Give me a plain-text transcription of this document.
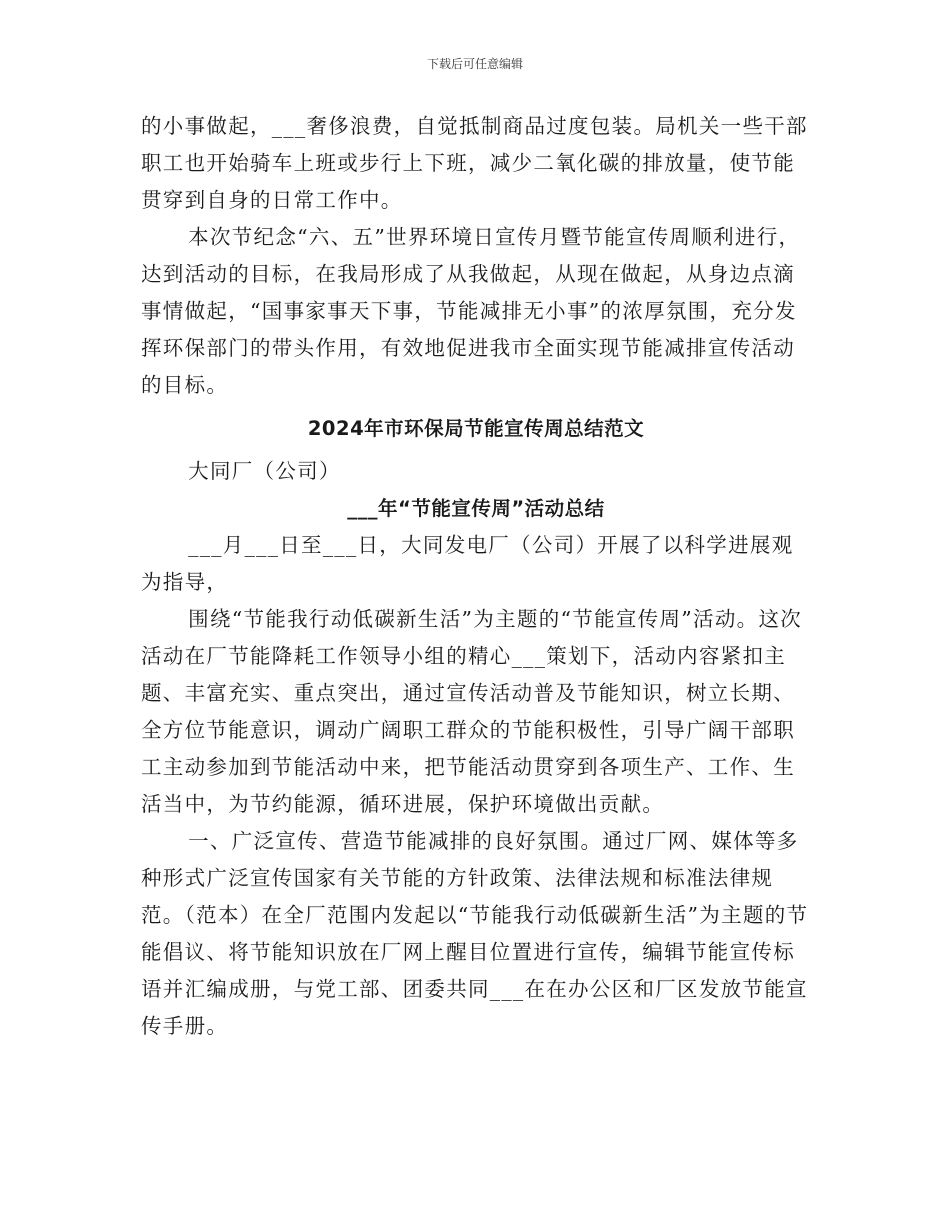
下载后可任意编辑

的小事做起，___奢侈浪费，自觉抵制商品过度包装。局机关一些干部职工也开始骑车上班或步行上下班，减少二氧化碳的排放量，使节能贯穿到自身的日常工作中。

本次节纪念“六、五”世界环境日宣传月暨节能宣传周顺利进行，达到活动的目标，在我局形成了从我做起，从现在做起，从身边点滴事情做起，“国事家事天下事，节能减排无小事”的浓厚氛围，充分发挥环保部门的带头作用，有效地促进我市全面实现节能减排宣传活动的目标。

2024年市环保局节能宣传周总结范文

大同厂（公司）

___年“节能宣传周”活动总结

___月___日至___日，大同发电厂（公司）开展了以科学进展观为指导，

围绕“节能我行动低碳新生活”为主题的“节能宣传周”活动。这次活动在厂节能降耗工作领导小组的精心___策划下，活动内容紧扣主题、丰富充实、重点突出，通过宣传活动普及节能知识，树立长期、全方位节能意识，调动广阔职工群众的节能积极性，引导广阔干部职工主动参加到节能活动中来，把节能活动贯穿到各项生产、工作、生活当中，为节约能源，循环进展，保护环境做出贡献。

一、广泛宣传、营造节能减排的良好氛围。通过厂网、媒体等多种形式广泛宣传国家有关节能的方针政策、法律法规和标准法律规范。（范本）在全厂范围内发起以“节能我行动低碳新生活”为主题的节能倡议、将节能知识放在厂网上醒目位置进行宣传，编辑节能宣传标语并汇编成册，与党工部、团委共同___在在办公区和厂区发放节能宣传手册。
